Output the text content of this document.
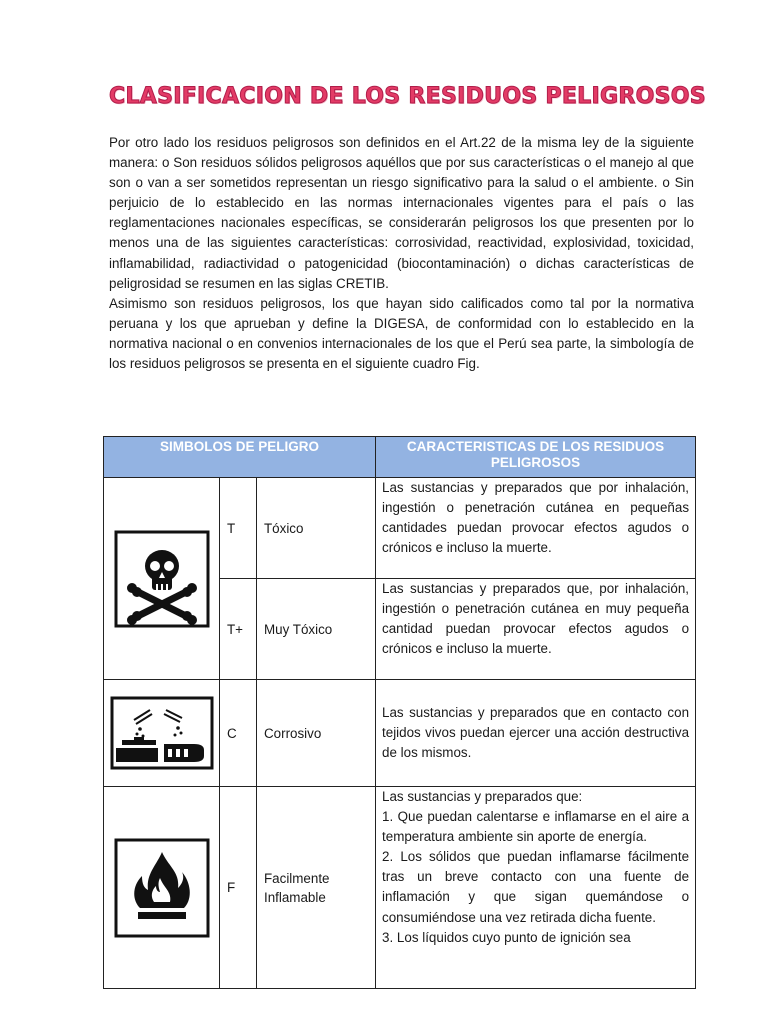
CLASIFICACION DE LOS RESIDUOS PELIGROSOS

Por otro lado los residuos peligrosos son definidos en el Art.22 de la misma ley de la siguiente manera: o Son residuos sólidos peligrosos aquéllos que por sus características o el manejo al que son o van a ser sometidos representan un riesgo significativo para la salud o el ambiente. o Sin perjuicio de lo establecido en las normas internacionales vigentes para el país o las reglamentaciones nacionales específicas, se considerarán peligrosos los que presenten por lo menos una de las siguientes características: corrosividad, reactividad, explosividad, toxicidad, inflamabilidad, radiactividad o patogenicidad (biocontaminación) o dichas características de peligrosidad se resumen en las siglas CRETIB.

Asimismo son residuos peligrosos, los que hayan sido calificados como tal por la normativa peruana y los que aprueban y define la DIGESA, de conformidad con lo establecido en la normativa nacional o en convenios internacionales de los que el Perú sea parte, la simbología de los residuos peligrosos se presenta en el siguiente cuadro Fig.

SIMBOLOS DE PELIGRO			CARACTERISTICAS DE LOS RESIDUOS PELIGROSOS

	T	Tóxico	Las sustancias y preparados que por inhalación, ingestión o penetración cutánea en pequeñas cantidades puedan provocar efectos agudos o crónicos e incluso la muerte.
	T+	Muy Tóxico	Las sustancias y preparados que, por inhalación, ingestión o penetración cutánea en muy pequeña cantidad puedan provocar efectos agudos o crónicos e incluso la muerte.

	C	Corrosivo	Las sustancias y preparados que en contacto con tejidos vivos puedan ejercer una acción destructiva de los mismos.

	F	Facilmente Inflamable	Las sustancias y preparados que:
1. Que puedan calentarse e inflamarse en el aire a temperatura ambiente sin aporte de energía.
2. Los sólidos que puedan inflamarse fácilmente tras un breve contacto con una fuente de inflamación y que sigan quemándose o consumiéndose una vez retirada dicha fuente.
3. Los líquidos cuyo punto de ignición sea
